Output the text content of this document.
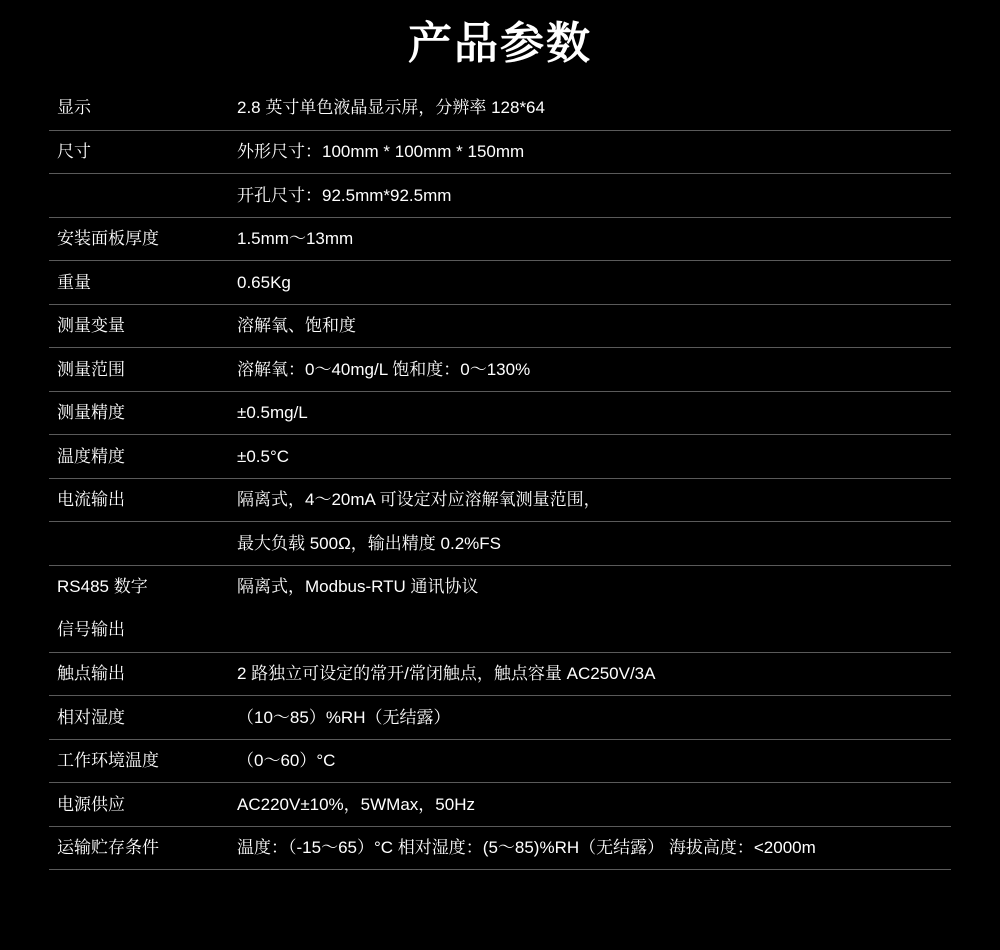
产品参数
显示	2.8 英寸单色液晶显示屏，分辨率 128*64
尺寸	外形尺寸：100mm * 100mm * 150mm
	开孔尺寸：92.5mm*92.5mm
安装面板厚度	1.5mm～13mm
重量	0.65Kg
测量变量	溶解氧、饱和度
测量范围	溶解氧：0～40mg/L 饱和度：0～130%
测量精度	±0.5mg/L
温度精度	±0.5°C
电流输出	隔离式，4～20mA 可设定对应溶解氧测量范围，
	最大负载 500Ω，输出精度 0.2%FS
RS485 数字	隔离式，Modbus-RTU 通讯协议
信号输出	
触点输出	2 路独立可设定的常开/常闭触点，触点容量 AC250V/3A
相对湿度	（10～85）%RH（无结露）
工作环境温度	（0～60）°C
电源供应	AC220V±10%，5WMax，50Hz
运输贮存条件	温度：（-15～65）°C 相对湿度：(5～85)%RH（无结露） 海拔高度：<2000m
